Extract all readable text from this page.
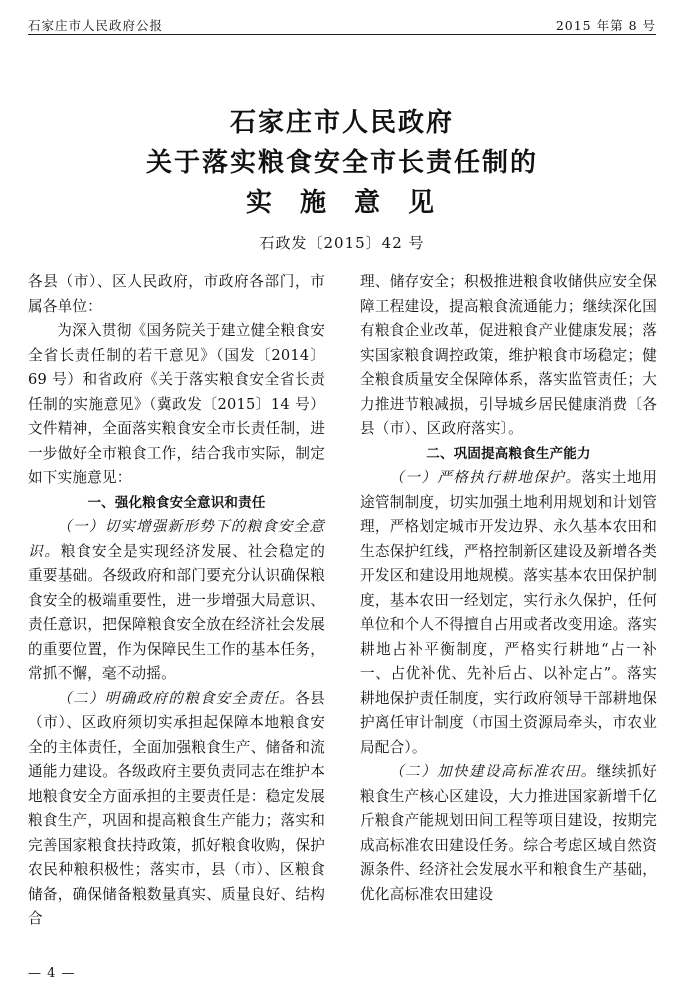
石家庄市人民政府公报	2015 年第 8 号
石家庄市人民政府
关于落实粮食安全市长责任制的
实施意见
石政发〔2015〕42 号

各县（市）、区人民政府，市政府各部门，市属各单位：

为深入贯彻《国务院关于建立健全粮食安全省长责任制的若干意见》（国发〔2014〕69 号）和省政府《关于落实粮食安全省长责任制的实施意见》（冀政发〔2015〕14 号）文件精神，全面落实粮食安全市长责任制，进一步做好全市粮食工作，结合我市实际，制定如下实施意见：

一、强化粮食安全意识和责任

（一）切实增强新形势下的粮食安全意识。粮食安全是实现经济发展、社会稳定的重要基础。各级政府和部门要充分认识确保粮食安全的极端重要性，进一步增强大局意识、责任意识，把保障粮食安全放在经济社会发展的重要位置，作为保障民生工作的基本任务，常抓不懈，毫不动摇。

（二）明确政府的粮食安全责任。各县（市）、区政府须切实承担起保障本地粮食安全的主体责任，全面加强粮食生产、储备和流通能力建设。各级政府主要负责同志在维护本地粮食安全方面承担的主要责任是：稳定发展粮食生产，巩固和提高粮食生产能力；落实和完善国家粮食扶持政策，抓好粮食收购，保护农民种粮积极性；落实市，县（市）、区粮食储备，确保储备粮数量真实、质量良好、结构合

理、储存安全；积极推进粮食收储供应安全保障工程建设，提高粮食流通能力；继续深化国有粮食企业改革，促进粮食产业健康发展；落实国家粮食调控政策，维护粮食市场稳定；健全粮食质量安全保障体系，落实监管责任；大力推进节粮减损，引导城乡居民健康消费〔各县（市）、区政府落实〕。

二、巩固提高粮食生产能力

（一）严格执行耕地保护。落实土地用途管制制度，切实加强土地利用规划和计划管理，严格划定城市开发边界、永久基本农田和生态保护红线，严格控制新区建设及新增各类开发区和建设用地规模。落实基本农田保护制度，基本农田一经划定，实行永久保护，任何单位和个人不得擅自占用或者改变用途。落实耕地占补平衡制度，严格实行耕地“占一补一、占优补优、先补后占、以补定占”。落实耕地保护责任制度，实行政府领导干部耕地保护离任审计制度（市国土资源局牵头，市农业局配合）。

（二）加快建设高标准农田。继续抓好粮食生产核心区建设，大力推进国家新增千亿斤粮食产能规划田间工程等项目建设，按期完成高标准农田建设任务。综合考虑区域自然资源条件、经济社会发展水平和粮食生产基础，优化高标准农田建设

— 4 —
